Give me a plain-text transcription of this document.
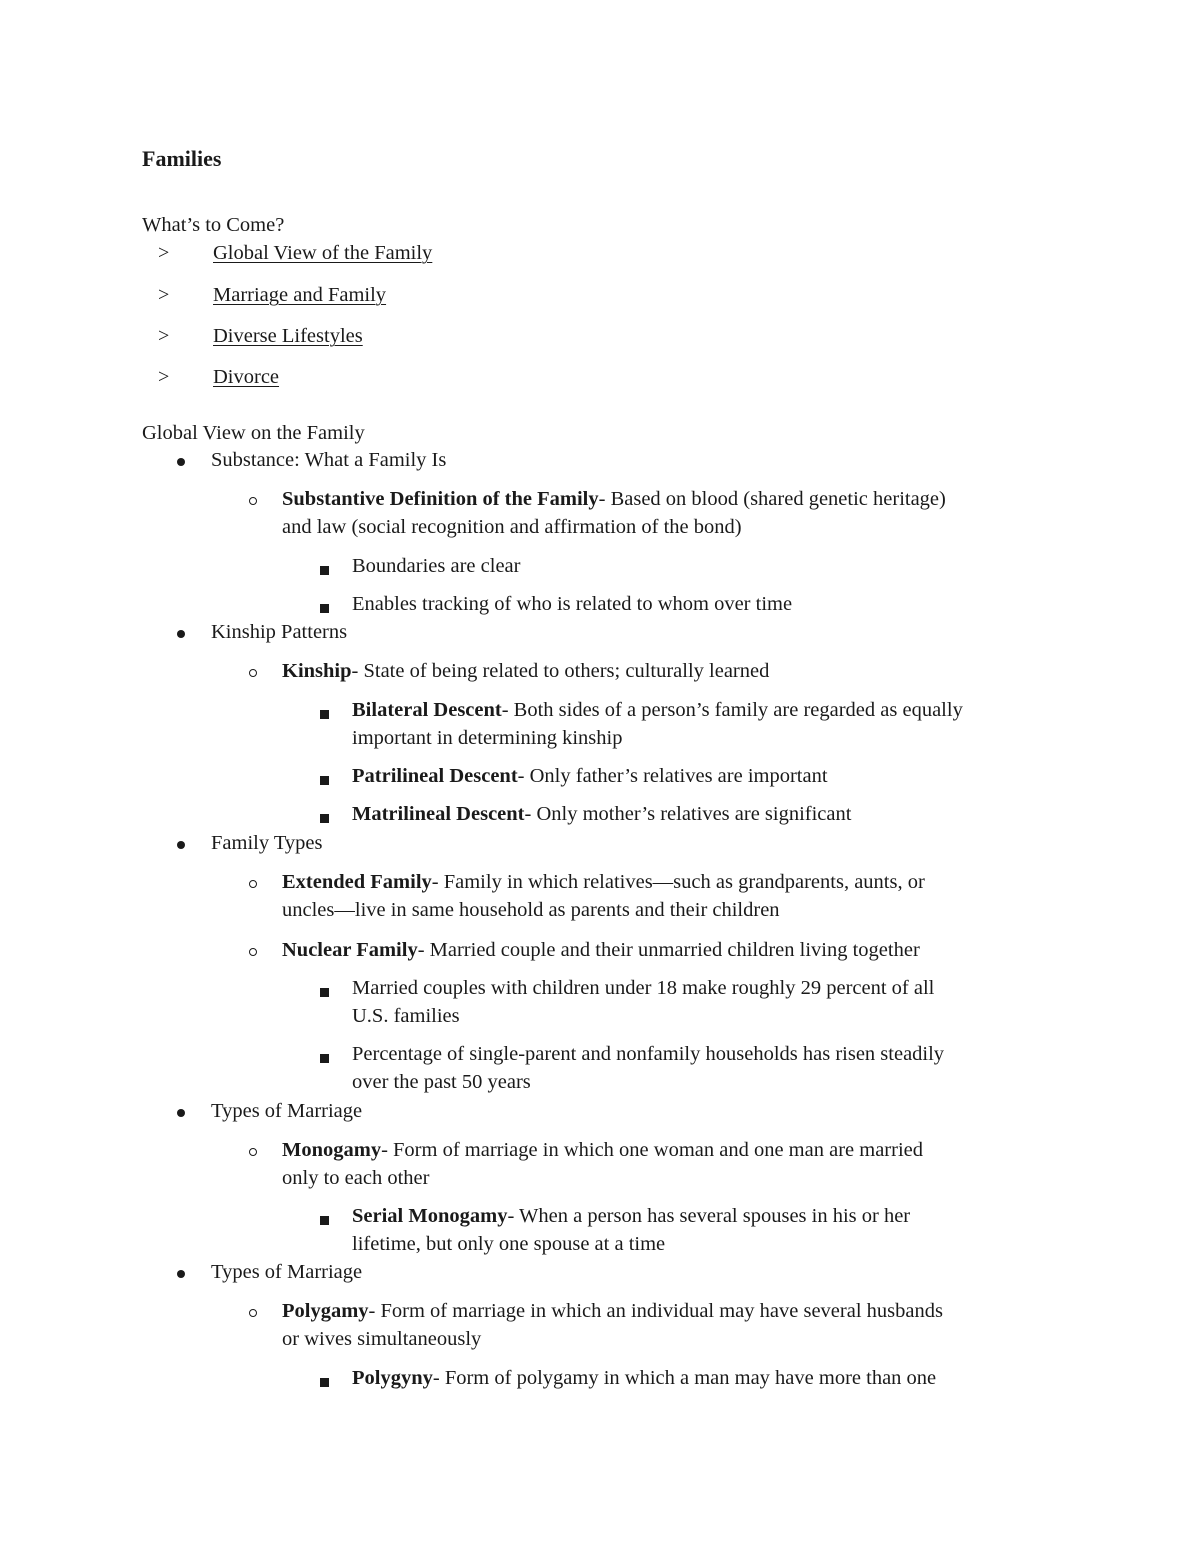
Families
What’s to Come?
> Global View of the Family
> Marriage and Family
> Diverse Lifestyles
> Divorce
Global View on the Family
Substance: What a Family Is
Substantive Definition of the Family- Based on blood (shared genetic heritage)
and law (social recognition and affirmation of the bond)
Boundaries are clear
Enables tracking of who is related to whom over time
Kinship Patterns
Kinship- State of being related to others; culturally learned
Bilateral Descent- Both sides of a person’s family are regarded as equally
important in determining kinship
Patrilineal Descent- Only father’s relatives are important
Matrilineal Descent- Only mother’s relatives are significant
Family Types
Extended Family- Family in which relatives—such as grandparents, aunts, or
uncles—live in same household as parents and their children
Nuclear Family- Married couple and their unmarried children living together
Married couples with children under 18 make roughly 29 percent of all
U.S. families
Percentage of single-parent and nonfamily households has risen steadily
over the past 50 years
Types of Marriage
Monogamy- Form of marriage in which one woman and one man are married
only to each other
Serial Monogamy- When a person has several spouses in his or her
lifetime, but only one spouse at a time
Types of Marriage
Polygamy- Form of marriage in which an individual may have several husbands
or wives simultaneously
Polygyny- Form of polygamy in which a man may have more than one
